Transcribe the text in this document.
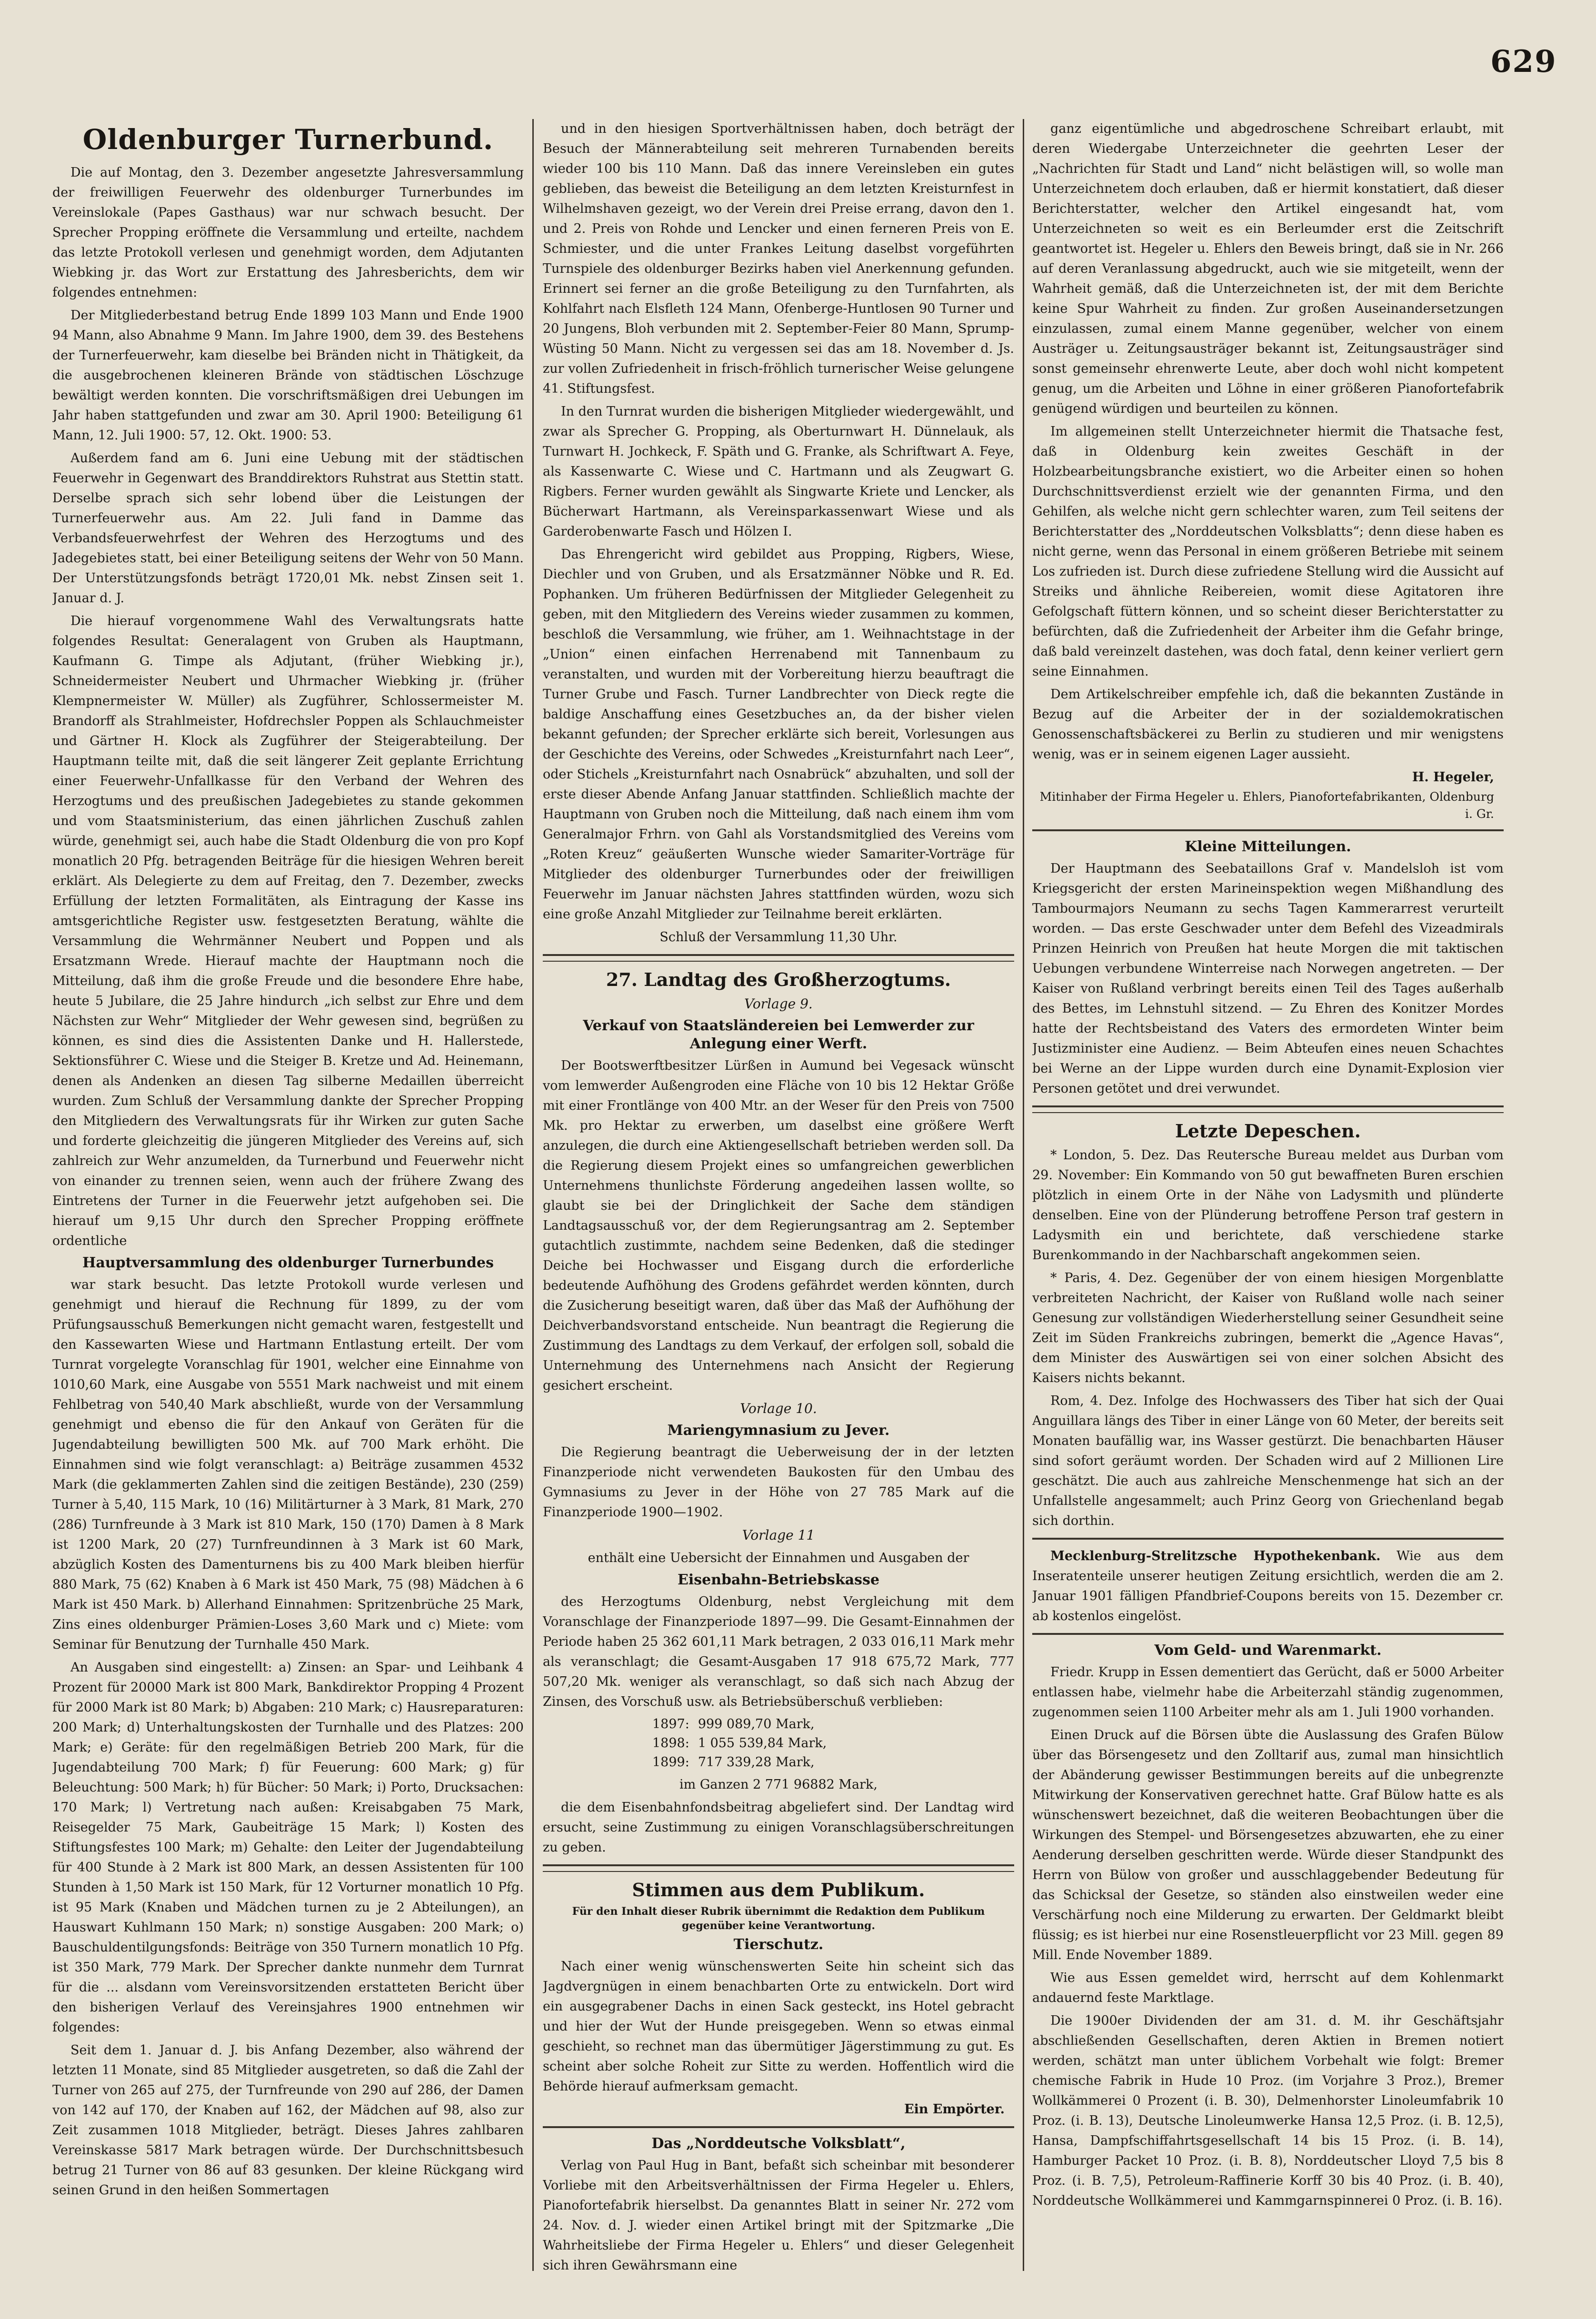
629
Oldenburger Turnerbund.

Die auf Montag, den 3. Dezember angesetzte Jahresversammlung der freiwilligen Feuerwehr des oldenburger Turnerbundes im Vereinslokale (Papes Gasthaus) war nur schwach besucht. Der Sprecher Propping eröffnete die Versammlung und erteilte, nachdem das letzte Protokoll verlesen und genehmigt worden, dem Adjutanten Wiebking jr. das Wort zur Erstattung des Jahresberichts, dem wir folgendes entnehmen:

Der Mitgliederbestand betrug Ende 1899 103 Mann und Ende 1900 94 Mann, also Abnahme 9 Mann. Im Jahre 1900, dem 39. des Bestehens der Turnerfeuerwehr, kam dieselbe bei Bränden nicht in Thätigkeit, da die ausgebrochenen kleineren Brände von städtischen Löschzuge bewältigt werden konnten. Die vorschriftsmäßigen drei Uebungen im Jahr haben stattgefunden und zwar am 30. April 1900: Beteiligung 61 Mann, 12. Juli 1900: 57, 12. Okt. 1900: 53.

Außerdem fand am 6. Juni eine Uebung mit der städtischen Feuerwehr in Gegenwart des Branddirektors Ruhstrat aus Stettin statt. Derselbe sprach sich sehr lobend über die Leistungen der Turnerfeuerwehr aus. Am 22. Juli fand in Damme das Verbandsfeuerwehrfest der Wehren des Herzogtums und des Jadegebietes statt, bei einer Beteiligung seitens der Wehr von 50 Mann. Der Unterstützungsfonds beträgt 1720,01 Mk. nebst Zinsen seit 1. Januar d. J.

Die hierauf vorgenommene Wahl des Verwaltungsrats hatte folgendes Resultat: Generalagent von Gruben als Hauptmann, Kaufmann G. Timpe als Adjutant, (früher Wiebking jr.), Schneidermeister Neubert und Uhrmacher Wiebking jr. (früher Klempnermeister W. Müller) als Zugführer, Schlossermeister M. Brandorff als Strahlmeister, Hofdrechsler Poppen als Schlauchmeister und Gärtner H. Klock als Zugführer der Steigerabteilung. Der Hauptmann teilte mit, daß die seit längerer Zeit geplante Errichtung einer Feuerwehr-Unfallkasse für den Verband der Wehren des Herzogtums und des preußischen Jadegebietes zu stande gekommen und vom Staatsministerium, das einen jährlichen Zuschuß zahlen würde, genehmigt sei, auch habe die Stadt Oldenburg die von pro Kopf monatlich 20 Pfg. betragenden Beiträge für die hiesigen Wehren bereit erklärt. Als Delegierte zu dem auf Freitag, den 7. Dezember, zwecks Erfüllung der letzten Formalitäten, als Eintragung der Kasse ins amtsgerichtliche Register usw. festgesetzten Beratung, wählte die Versammlung die Wehrmänner Neubert und Poppen und als Ersatzmann Wrede. Hierauf machte der Hauptmann noch die Mitteilung, daß ihm die große Freude und die besondere Ehre habe, heute 5 Jubilare, die 25 Jahre hindurch „ich selbst zur Ehre und dem Nächsten zur Wehr“ Mitglieder der Wehr gewesen sind, begrüßen zu können, es sind dies die Assistenten Danke und H. Hallerstede, Sektionsführer C. Wiese und die Steiger B. Kretze und Ad. Heinemann, denen als Andenken an diesen Tag silberne Medaillen überreicht wurden. Zum Schluß der Versammlung dankte der Sprecher Propping den Mitgliedern des Verwaltungsrats für ihr Wirken zur guten Sache und forderte gleichzeitig die jüngeren Mitglieder des Vereins auf, sich zahlreich zur Wehr anzumelden, da Turnerbund und Feuerwehr nicht von einander zu trennen seien, wenn auch der frühere Zwang des Eintretens der Turner in die Feuerwehr jetzt aufgehoben sei. Die hierauf um 9,15 Uhr durch den Sprecher Propping eröffnete ordentliche

Hauptversammlung des oldenburger Turnerbundes

war stark besucht. Das letzte Protokoll wurde verlesen und genehmigt und hierauf die Rechnung für 1899, zu der vom Prüfungsausschuß Bemerkungen nicht gemacht waren, festgestellt und den Kassewarten Wiese und Hartmann Entlastung erteilt. Der vom Turnrat vorgelegte Voranschlag für 1901, welcher eine Einnahme von 1010,60 Mark, eine Ausgabe von 5551 Mark nachweist und mit einem Fehlbetrag von 540,40 Mark abschließt, wurde von der Versammlung genehmigt und ebenso die für den Ankauf von Geräten für die Jugendabteilung bewilligten 500 Mk. auf 700 Mark erhöht. Die Einnahmen sind wie folgt veranschlagt: a) Beiträge zusammen 4532 Mark (die geklammerten Zahlen sind die zeitigen Bestände), 230 (259) Turner à 5,40, 115 Mark, 10 (16) Militärturner à 3 Mark, 81 Mark, 270 (286) Turnfreunde à 3 Mark ist 810 Mark, 150 (170) Damen à 8 Mark ist 1200 Mark, 20 (27) Turnfreundinnen à 3 Mark ist 60 Mark, abzüglich Kosten des Damenturnens bis zu 400 Mark bleiben hierfür 880 Mark, 75 (62) Knaben à 6 Mark ist 450 Mark, 75 (98) Mädchen à 6 Mark ist 450 Mark. b) Allerhand Einnahmen: Spritzenbrüche 25 Mark, Zins eines oldenburger Prämien-Loses 3,60 Mark und c) Miete: vom Seminar für Benutzung der Turnhalle 450 Mark.

An Ausgaben sind eingestellt: a) Zinsen: an Spar- und Leihbank 4 Prozent für 20000 Mark ist 800 Mark, Bankdirektor Propping 4 Prozent für 2000 Mark ist 80 Mark; b) Abgaben: 210 Mark; c) Hausreparaturen: 200 Mark; d) Unterhaltungskosten der Turnhalle und des Platzes: 200 Mark; e) Geräte: für den regelmäßigen Betrieb 200 Mark, für die Jugendabteilung 700 Mark; f) für Feuerung: 600 Mark; g) für Beleuchtung: 500 Mark; h) für Bücher: 50 Mark; i) Porto, Drucksachen: 170 Mark; l) Vertretung nach außen: Kreisabgaben 75 Mark, Reisegelder 75 Mark, Gaubeiträge 15 Mark; l) Kosten des Stiftungsfestes 100 Mark; m) Gehalte: den Leiter der Jugendabteilung für 400 Stunde à 2 Mark ist 800 Mark, an dessen Assistenten für 100 Stunden à 1,50 Mark ist 150 Mark, für 12 Vorturner monatlich 10 Pfg. ist 95 Mark (Knaben und Mädchen turnen zu je 2 Abteilungen), an Hauswart Kuhlmann 150 Mark; n) sonstige Ausgaben: 200 Mark; o) Bauschuldentilgungsfonds: Beiträge von 350 Turnern monatlich 10 Pfg. ist 350 Mark, 779 Mark. Der Sprecher dankte nunmehr dem Turnrat für die ... alsdann vom Vereinsvorsitzenden erstatteten Bericht über den bisherigen Verlauf des Vereinsjahres 1900 entnehmen wir folgendes:

Seit dem 1. Januar d. J. bis Anfang Dezember, also während der letzten 11 Monate, sind 85 Mitglieder ausgetreten, so daß die Zahl der Turner von 265 auf 275, der Turnfreunde von 290 auf 286, der Damen von 142 auf 170, der Knaben auf 162, der Mädchen auf 98, also zur Zeit zusammen 1018 Mitglieder, beträgt. Dieses Jahres zahlbaren Vereinskasse 5817 Mark betragen würde. Der Durchschnittsbesuch betrug 21 Turner von 86 auf 83 gesunken. Der kleine Rückgang wird seinen Grund in den heißen Sommertagen

und in den hiesigen Sportverhältnissen haben, doch beträgt der Besuch der Männerabteilung seit mehreren Turnabenden bereits wieder 100 bis 110 Mann. Daß das innere Vereinsleben ein gutes geblieben, das beweist die Beteiligung an dem letzten Kreisturnfest in Wilhelmshaven gezeigt, wo der Verein drei Preise errang, davon den 1. und 2. Preis von Rohde und Lencker und einen ferneren Preis von E. Schmiester, und die unter Frankes Leitung daselbst vorgeführten Turnspiele des oldenburger Bezirks haben viel Anerkennung gefunden. Erinnert sei ferner an die große Beteiligung zu den Turnfahrten, als Kohlfahrt nach Elsfleth 124 Mann, Ofenberge-Huntlosen 90 Turner und 20 Jungens, Bloh verbunden mit 2. September-Feier 80 Mann, Sprump-Wüsting 50 Mann. Nicht zu vergessen sei das am 18. November d. Js. zur vollen Zufriedenheit in frisch-fröhlich turnerischer Weise gelungene 41. Stiftungsfest.

In den Turnrat wurden die bisherigen Mitglieder wiedergewählt, und zwar als Sprecher G. Propping, als Oberturnwart H. Dünnelauk, als Turnwart H. Jochkeck, F. Späth und G. Franke, als Schriftwart A. Feye, als Kassenwarte C. Wiese und C. Hartmann und als Zeugwart G. Rigbers. Ferner wurden gewählt als Singwarte Kriete und Lencker, als Bücherwart Hartmann, als Vereinsparkassenwart Wiese und als Garderobenwarte Fasch und Hölzen I.

Das Ehrengericht wird gebildet aus Propping, Rigbers, Wiese, Diechler und von Gruben, und als Ersatzmänner Nöbke und R. Ed. Pophanken. Um früheren Bedürfnissen der Mitglieder Gelegenheit zu geben, mit den Mitgliedern des Vereins wieder zusammen zu kommen, beschloß die Versammlung, wie früher, am 1. Weihnachtstage in der „Union“ einen einfachen Herrenabend mit Tannenbaum zu veranstalten, und wurden mit der Vorbereitung hierzu beauftragt die Turner Grube und Fasch. Turner Landbrechter von Dieck regte die baldige Anschaffung eines Gesetzbuches an, da der bisher vielen bekannt gefunden; der Sprecher erklärte sich bereit, Vorlesungen aus der Geschichte des Vereins, oder Schwedes „Kreisturnfahrt nach Leer“, oder Stichels „Kreisturnfahrt nach Osnabrück“ abzuhalten, und soll der erste dieser Abende Anfang Januar stattfinden. Schließlich machte der Hauptmann von Gruben noch die Mitteilung, daß nach einem ihm vom Generalmajor Frhrn. von Gahl als Vorstandsmitglied des Vereins vom „Roten Kreuz“ geäußerten Wunsche wieder Samariter-Vorträge für Mitglieder des oldenburger Turnerbundes oder der freiwilligen Feuerwehr im Januar nächsten Jahres stattfinden würden, wozu sich eine große Anzahl Mitglieder zur Teilnahme bereit erklärten.

Schluß der Versammlung 11,30 Uhr.
27. Landtag des Großherzogtums.
Vorlage 9.
Verkauf von Staatsländereien bei Lemwerder zur Anlegung einer Werft.

Der Bootswerftbesitzer Lürßen in Aumund bei Vegesack wünscht vom lemwerder Außengroden eine Fläche von 10 bis 12 Hektar Größe mit einer Frontlänge von 400 Mtr. an der Weser für den Preis von 7500 Mk. pro Hektar zu erwerben, um daselbst eine größere Werft anzulegen, die durch eine Aktiengesellschaft betrieben werden soll. Da die Regierung diesem Projekt eines so umfangreichen gewerblichen Unternehmens thunlichste Förderung angedeihen lassen wollte, so glaubt sie bei der Dringlichkeit der Sache dem ständigen Landtagsausschuß vor, der dem Regierungsantrag am 2. September gutachtlich zustimmte, nachdem seine Bedenken, daß die stedinger Deiche bei Hochwasser und Eisgang durch die erforderliche bedeutende Aufhöhung des Grodens gefährdet werden könnten, durch die Zusicherung beseitigt waren, daß über das Maß der Aufhöhung der Deichverbandsvorstand entscheide. Nun beantragt die Regierung die Zustimmung des Landtags zu dem Verkauf, der erfolgen soll, sobald die Unternehmung des Unternehmens nach Ansicht der Regierung gesichert erscheint.

Vorlage 10.
Mariengymnasium zu Jever.

Die Regierung beantragt die Ueberweisung der in der letzten Finanzperiode nicht verwendeten Baukosten für den Umbau des Gymnasiums zu Jever in der Höhe von 27 785 Mark auf die Finanzperiode 1900—1902.

Vorlage 11
enthält eine Uebersicht der Einnahmen und Ausgaben der
Eisenbahn-Betriebskasse

des Herzogtums Oldenburg, nebst Vergleichung mit dem Voranschlage der Finanzperiode 1897—99. Die Gesamt-Einnahmen der Periode haben 25 362 601,11 Mark betragen, 2 033 016,11 Mark mehr als veranschlagt; die Gesamt-Ausgaben 17 918 675,72 Mark, 777 507,20 Mk. weniger als veranschlagt, so daß sich nach Abzug der Zinsen, des Vorschuß usw. als Betriebsüberschuß verblieben:

1897:	999 089,70 Mark,
1898:	1 055 539,84 Mark,
1899:	717 339,28 Mark,
im Ganzen 2 771 96882 Mark,

die dem Eisenbahnfondsbeitrag abgeliefert sind. Der Landtag wird ersucht, seine Zustimmung zu einigen Voranschlagsüberschreitungen zu geben.

Stimmen aus dem Publikum.
Für den Inhalt dieser Rubrik übernimmt die Redaktion dem Publikum gegenüber keine Verantwortung.
Tierschutz.

Nach einer wenig wünschenswerten Seite hin scheint sich das Jagdvergnügen in einem benachbarten Orte zu entwickeln. Dort wird ein ausgegrabener Dachs in einen Sack gesteckt, ins Hotel gebracht und hier der Wut der Hunde preisgegeben. Wenn so etwas einmal geschieht, so rechnet man das übermütiger Jägerstimmung zu gut. Es scheint aber solche Roheit zur Sitte zu werden. Hoffentlich wird die Behörde hierauf aufmerksam gemacht.

Ein Empörter.
Das „Norddeutsche Volksblatt“,

Verlag von Paul Hug in Bant, befaßt sich scheinbar mit besonderer Vorliebe mit den Arbeitsverhältnissen der Firma Hegeler u. Ehlers, Pianofortefabrik hierselbst. Da genanntes Blatt in seiner Nr. 272 vom 24. Nov. d. J. wieder einen Artikel bringt mit der Spitzmarke „Die Wahrheitsliebe der Firma Hegeler u. Ehlers“ und dieser Gelegenheit sich ihren Gewährsmann eine

ganz eigentümliche und abgedroschene Schreibart erlaubt, mit deren Wiedergabe Unterzeichneter die geehrten Leser der „Nachrichten für Stadt und Land“ nicht belästigen will, so wolle man Unterzeichnetem doch erlauben, daß er hiermit konstatiert, daß dieser Berichterstatter, welcher den Artikel eingesandt hat, vom Unterzeichneten so weit es ein Berleumder erst die Zeitschrift geantwortet ist. Hegeler u. Ehlers den Beweis bringt, daß sie in Nr. 266 auf deren Veranlassung abgedruckt, auch wie sie mitgeteilt, wenn der Wahrheit gemäß, daß die Unterzeichneten ist, der mit dem Berichte keine Spur Wahrheit zu finden. Zur großen Auseinandersetzungen einzulassen, zumal einem Manne gegenüber, welcher von einem Austräger u. Zeitungsausträger bekannt ist, Zeitungsausträger sind sonst gemeinsehr ehrenwerte Leute, aber doch wohl nicht kompetent genug, um die Arbeiten und Löhne in einer größeren Pianofortefabrik genügend würdigen und beurteilen zu können.

Im allgemeinen stellt Unterzeichneter hiermit die Thatsache fest, daß in Oldenburg kein zweites Geschäft in der Holzbearbeitungsbranche existiert, wo die Arbeiter einen so hohen Durchschnittsverdienst erzielt wie der genannten Firma, und den Gehilfen, als welche nicht gern schlechter waren, zum Teil seitens der Berichterstatter des „Norddeutschen Volksblatts“; denn diese haben es nicht gerne, wenn das Personal in einem größeren Betriebe mit seinem Los zufrieden ist. Durch diese zufriedene Stellung wird die Aussicht auf Streiks und ähnliche Reibereien, womit diese Agitatoren ihre Gefolgschaft füttern können, und so scheint dieser Berichterstatter zu befürchten, daß die Zufriedenheit der Arbeiter ihm die Gefahr bringe, daß bald vereinzelt dastehen, was doch fatal, denn keiner verliert gern seine Einnahmen.

Dem Artikelschreiber empfehle ich, daß die bekannten Zustände in Bezug auf die Arbeiter der in der sozialdemokratischen Genossenschaftsbäckerei zu Berlin zu studieren und mir wenigstens wenig, was er in seinem eigenen Lager aussieht.

H. Hegeler,
Mitinhaber der Firma Hegeler u. Ehlers, Pianofortefabrikanten, Oldenburg i. Gr.
Kleine Mitteilungen.

Der Hauptmann des Seebataillons Graf v. Mandelsloh ist vom Kriegsgericht der ersten Marineinspektion wegen Mißhandlung des Tambourmajors Neumann zu sechs Tagen Kammerarrest verurteilt worden. — Das erste Geschwader unter dem Befehl des Vizeadmirals Prinzen Heinrich von Preußen hat heute Morgen die mit taktischen Uebungen verbundene Winterreise nach Norwegen angetreten. — Der Kaiser von Rußland verbringt bereits einen Teil des Tages außerhalb des Bettes, im Lehnstuhl sitzend. — Zu Ehren des Konitzer Mordes hatte der Rechtsbeistand des Vaters des ermordeten Winter beim Justizminister eine Audienz. — Beim Abteufen eines neuen Schachtes bei Werne an der Lippe wurden durch eine Dynamit-Explosion vier Personen getötet und drei verwundet.

Letzte Depeschen.

* London, 5. Dez. Das Reutersche Bureau meldet aus Durban vom 29. November: Ein Kommando von 50 gut bewaffneten Buren erschien plötzlich in einem Orte in der Nähe von Ladysmith und plünderte denselben. Eine von der Plünderung betroffene Person traf gestern in Ladysmith ein und berichtete, daß verschiedene starke Burenkommando in der Nachbarschaft angekommen seien.

* Paris, 4. Dez. Gegenüber der von einem hiesigen Morgenblatte verbreiteten Nachricht, der Kaiser von Rußland wolle nach seiner Genesung zur vollständigen Wiederherstellung seiner Gesundheit seine Zeit im Süden Frankreichs zubringen, bemerkt die „Agence Havas“, dem Minister des Auswärtigen sei von einer solchen Absicht des Kaisers nichts bekannt.

Rom, 4. Dez. Infolge des Hochwassers des Tiber hat sich der Quai Anguillara längs des Tiber in einer Länge von 60 Meter, der bereits seit Monaten baufällig war, ins Wasser gestürzt. Die benachbarten Häuser sind sofort geräumt worden. Der Schaden wird auf 2 Millionen Lire geschätzt. Die auch aus zahlreiche Menschenmenge hat sich an der Unfallstelle angesammelt; auch Prinz Georg von Griechenland begab sich dorthin.

Mecklenburg-Strelitzsche Hypothekenbank. Wie aus dem Inseratenteile unserer heutigen Zeitung ersichtlich, werden die am 2. Januar 1901 fälligen Pfandbrief-Coupons bereits von 15. Dezember cr. ab kostenlos eingelöst.

Vom Geld- und Warenmarkt.

Friedr. Krupp in Essen dementiert das Gerücht, daß er 5000 Arbeiter entlassen habe, vielmehr habe die Arbeiterzahl ständig zugenommen, zugenommen seien 1100 Arbeiter mehr als am 1. Juli 1900 vorhanden.

Einen Druck auf die Börsen übte die Auslassung des Grafen Bülow über das Börsengesetz und den Zolltarif aus, zumal man hinsichtlich der Abänderung gewisser Bestimmungen bereits auf die unbegrenzte Mitwirkung der Konservativen gerechnet hatte. Graf Bülow hatte es als wünschenswert bezeichnet, daß die weiteren Beobachtungen über die Wirkungen des Stempel- und Börsengesetzes abzuwarten, ehe zu einer Aenderung derselben geschritten werde. Würde dieser Standpunkt des Herrn von Bülow von großer und ausschlaggebender Bedeutung für das Schicksal der Gesetze, so ständen also einstweilen weder eine Verschärfung noch eine Milderung zu erwarten. Der Geldmarkt bleibt flüssig; es ist hierbei nur eine Rosenstleuerpflicht vor 23 Mill. gegen 89 Mill. Ende November 1889.

Wie aus Essen gemeldet wird, herrscht auf dem Kohlenmarkt andauernd feste Marktlage.

Die 1900er Dividenden der am 31. d. M. ihr Geschäftsjahr abschließenden Gesellschaften, deren Aktien in Bremen notiert werden, schätzt man unter üblichem Vorbehalt wie folgt: Bremer chemische Fabrik in Hude 10 Proz. (im Vorjahre 3 Proz.), Bremer Wollkämmerei 0 Prozent (i. B. 30), Delmenhorster Linoleumfabrik 10 Proz. (i. B. 13), Deutsche Linoleumwerke Hansa 12,5 Proz. (i. B. 12,5), Hansa, Dampfschiffahrtsgesellschaft 14 bis 15 Proz. (i. B. 14), Hamburger Packet 10 Proz. (i. B. 8), Norddeutscher Lloyd 7,5 bis 8 Proz. (i. B. 7,5), Petroleum-Raffinerie Korff 30 bis 40 Proz. (i. B. 40), Norddeutsche Wollkämmerei und Kammgarnspinnerei 0 Proz. (i. B. 16).
